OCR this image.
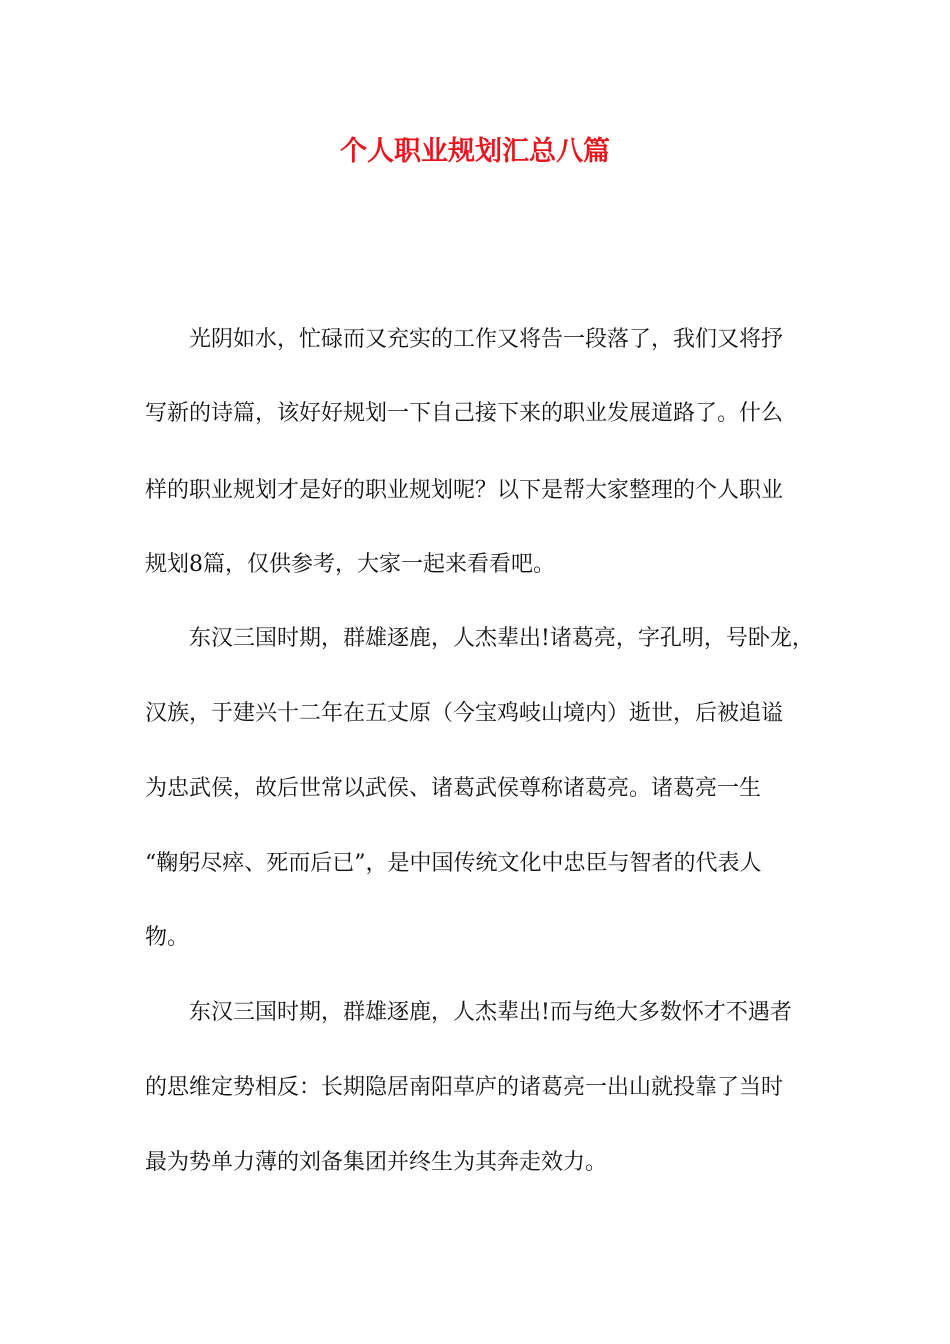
个人职业规划汇总八篇

光阴如水，忙碌而又充实的工作又将告一段落了，我们又将抒

写新的诗篇，该好好规划一下自己接下来的职业发展道路了。什么

样的职业规划才是好的职业规划呢？以下是帮大家整理的个人职业

规划8篇，仅供参考，大家一起来看看吧。

东汉三国时期，群雄逐鹿，人杰辈出!诸葛亮，字孔明，号卧龙，

汉族，于建兴十二年在五丈原（今宝鸡岐山境内）逝世，后被追谥

为忠武侯，故后世常以武侯、诸葛武侯尊称诸葛亮。诸葛亮一生

“鞠躬尽瘁、死而后已”，是中国传统文化中忠臣与智者的代表人

物。

东汉三国时期，群雄逐鹿，人杰辈出!而与绝大多数怀才不遇者

的思维定势相反：长期隐居南阳草庐的诸葛亮一出山就投靠了当时

最为势单力薄的刘备集团并终生为其奔走效力。
